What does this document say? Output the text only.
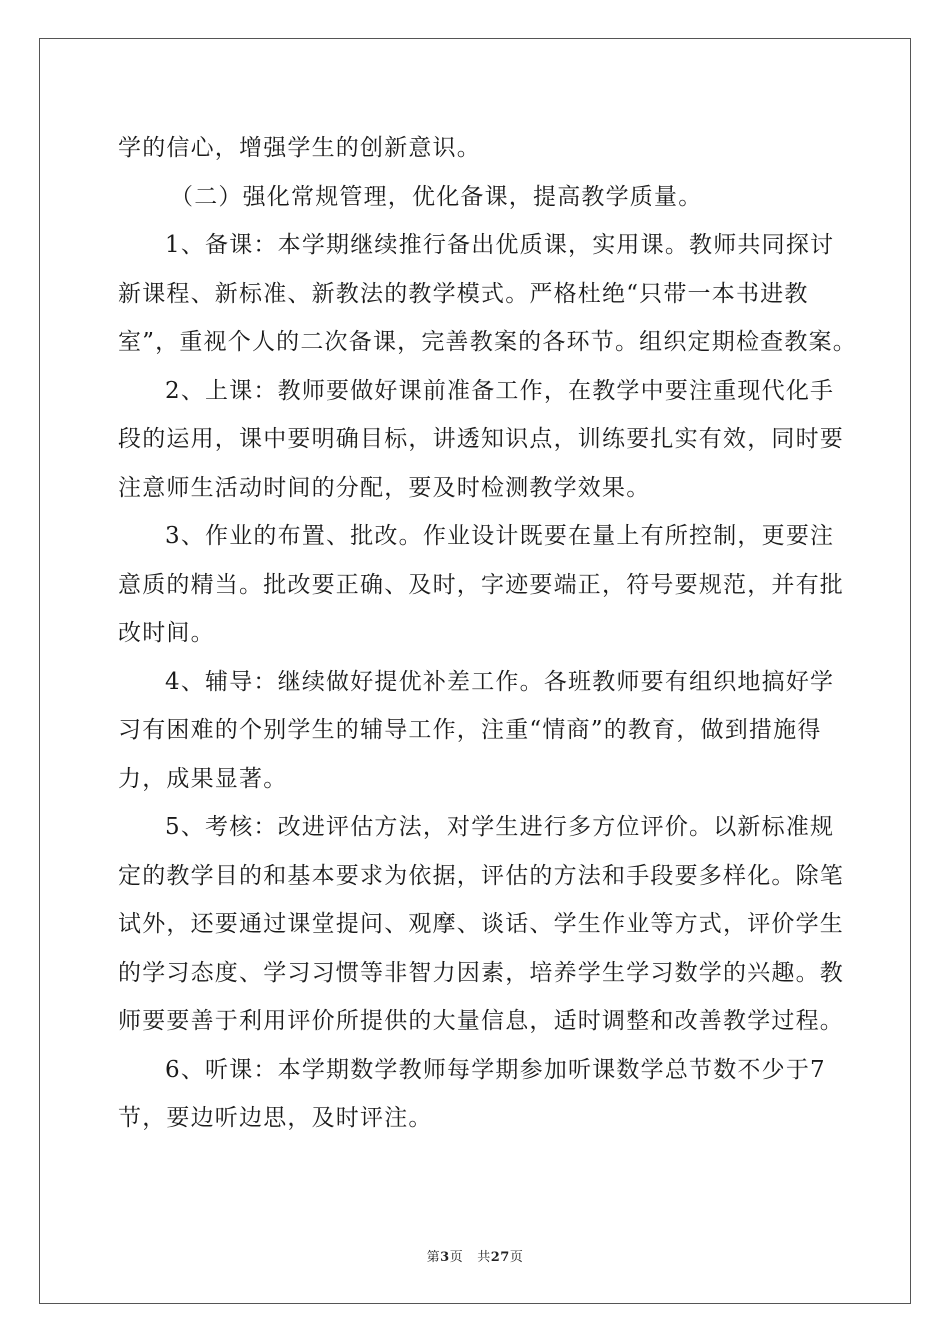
学的信心，增强学生的创新意识。
（二）强化常规管理，优化备课，提高教学质量。
1、备课：本学期继续推行备出优质课，实用课。教师共同探讨
新课程、新标准、新教法的教学模式。严格杜绝“只带一本书进教
室”，重视个人的二次备课，完善教案的各环节。组织定期检查教案。
2、上课：教师要做好课前准备工作，在教学中要注重现代化手
段的运用，课中要明确目标，讲透知识点，训练要扎实有效，同时要
注意师生活动时间的分配，要及时检测教学效果。
3、作业的布置、批改。作业设计既要在量上有所控制，更要注
意质的精当。批改要正确、及时，字迹要端正，符号要规范，并有批
改时间。
4、辅导：继续做好提优补差工作。各班教师要有组织地搞好学
习有困难的个别学生的辅导工作，注重“情商”的教育，做到措施得
力，成果显著。
5、考核：改进评估方法，对学生进行多方位评价。以新标准规
定的教学目的和基本要求为依据，评估的方法和手段要多样化。除笔
试外，还要通过课堂提问、观摩、谈话、学生作业等方式，评价学生
的学习态度、学习习惯等非智力因素，培养学生学习数学的兴趣。教
师要要善于利用评价所提供的大量信息，适时调整和改善教学过程。
6、听课：本学期数学教师每学期参加听课数学总节数不少于7
节，要边听边思，及时评注。
第3页 共27页
